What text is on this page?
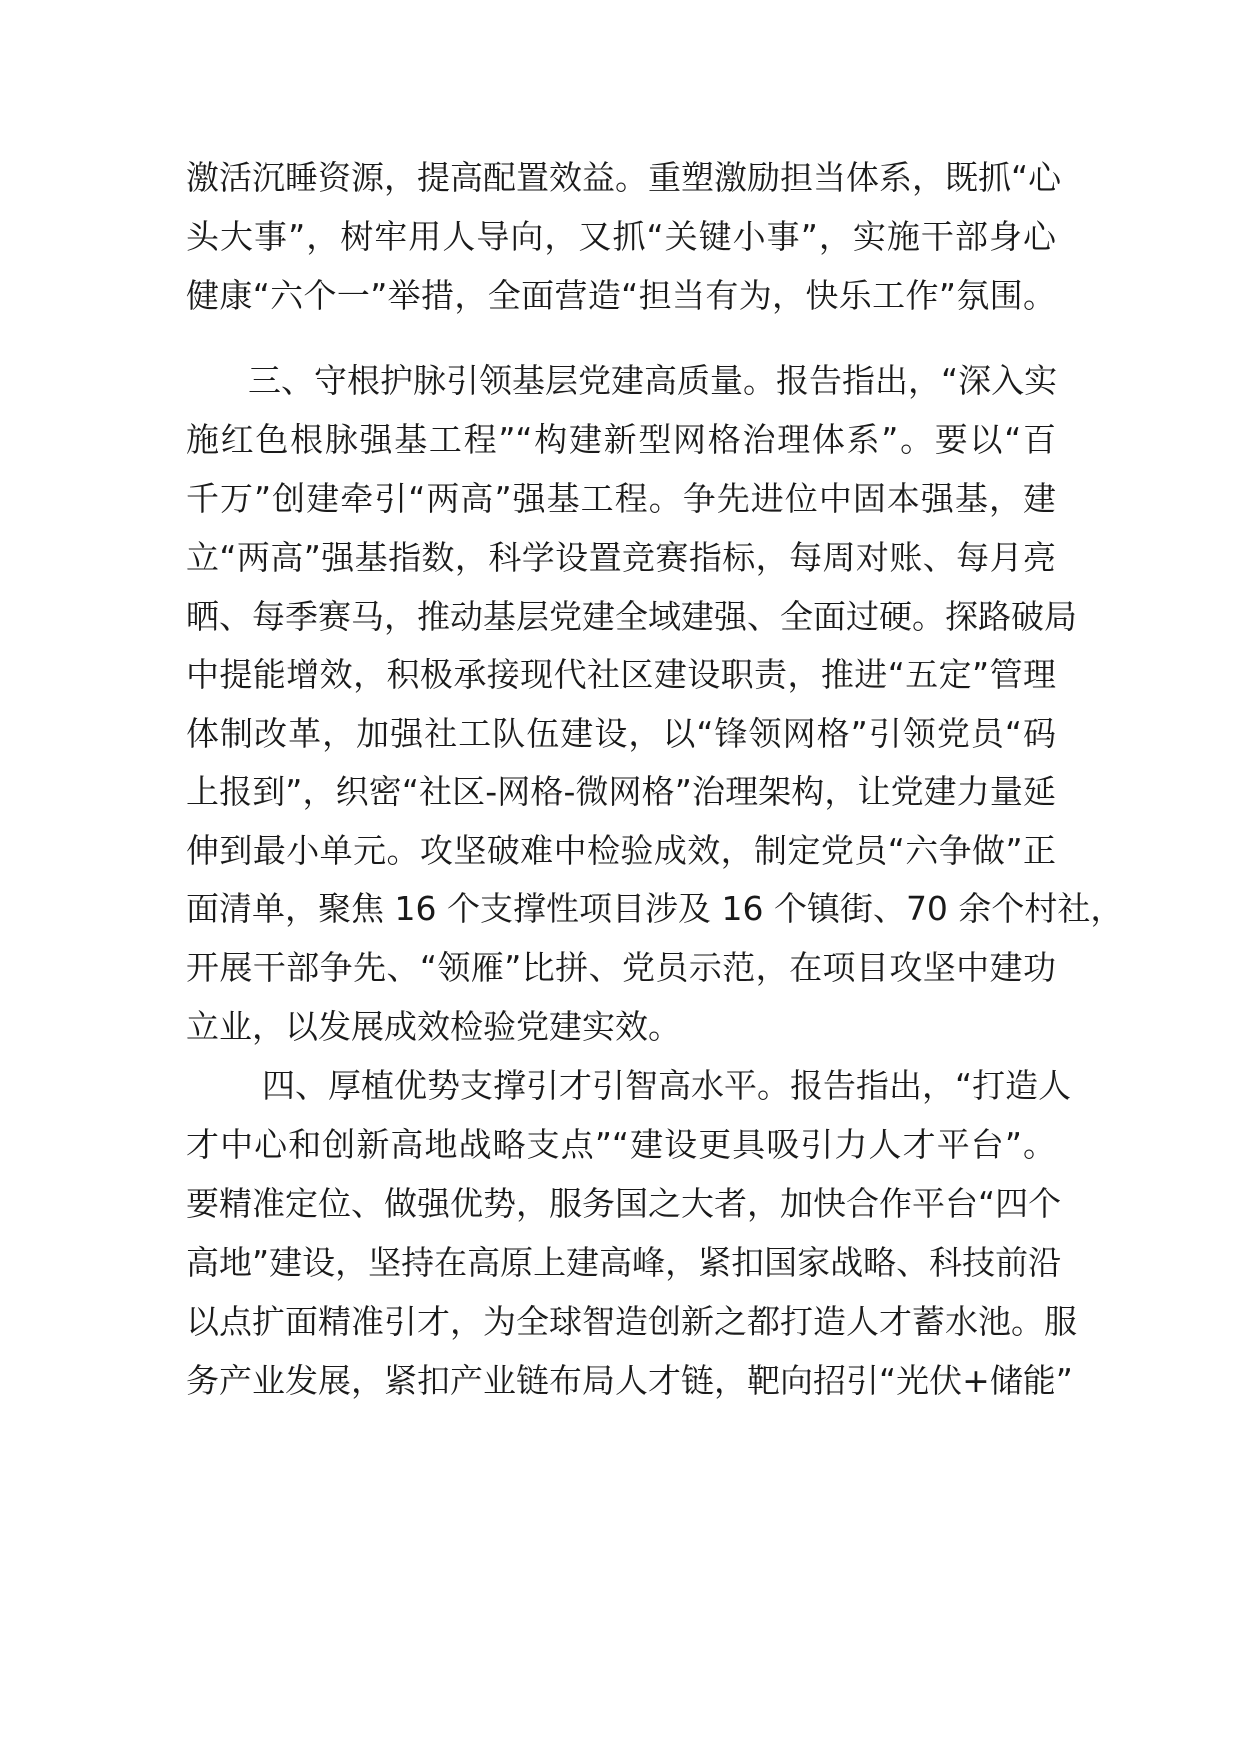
激活沉睡资源，提高配置效益。重塑激励担当体系，既抓“心
头大事”，树牢用人导向，又抓“关键小事”，实施干部身心
健康“六个一”举措，全面营造“担当有为，快乐工作”氛围。
三、守根护脉引领基层党建高质量。报告指出，“深入实
施红色根脉强基工程”“构建新型网格治理体系”。要以“百
千万”创建牵引“两高”强基工程。争先进位中固本强基，建
立“两高”强基指数，科学设置竞赛指标，每周对账、每月亮
晒、每季赛马，推动基层党建全域建强、全面过硬。探路破局
中提能增效，积极承接现代社区建设职责，推进“五定”管理
体制改革，加强社工队伍建设，以“锋领网格”引领党员“码
上报到”，织密“社区-网格-微网格”治理架构，让党建力量延
伸到最小单元。攻坚破难中检验成效，制定党员“六争做”正
面清单，聚焦 16 个支撑性项目涉及 16 个镇街、70 余个村社，
开展干部争先、“领雁”比拼、党员示范，在项目攻坚中建功
立业，以发展成效检验党建实效。
四、厚植优势支撑引才引智高水平。报告指出，“打造人
才中心和创新高地战略支点”“建设更具吸引力人才平台”。
要精准定位、做强优势，服务国之大者，加快合作平台“四个
高地”建设，坚持在高原上建高峰，紧扣国家战略、科技前沿
以点扩面精准引才，为全球智造创新之都打造人才蓄水池。服
务产业发展，紧扣产业链布局人才链，靶向招引“光伏+储能”
